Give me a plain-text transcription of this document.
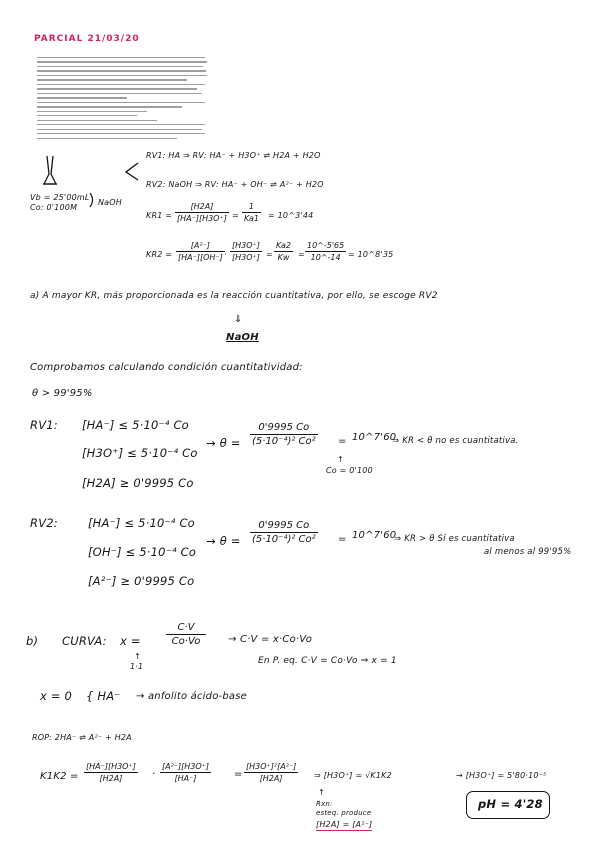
PARCIAL 21/03/20
Vb = 25'00mL
Co: 0'100M
NaOH
RV1: HA ⇒ RV: HA⁻ + H3O⁺ ⇌ H2A + H2O
RV2: NaOH ⇒ RV: HA⁻ + OH⁻ ⇌ A²⁻ + H2O
KR1 =
[H2A]
[HA⁻][H3O⁺] =
1
Ka1 = 10^3'44
KR2 =
[A²⁻]
[HA⁻][OH⁻] ·
[H3O⁺]
[H3O⁺] =
Ka2
Kw	=
10^-5'65
10^-14 = 10^8'35
a) A mayor KR, más proporcionada es la reacción cuantitativa, por ello, se escoge RV2
⇓
NaOH
Comprobamos calculando condición cuantitatividad:
θ > 99'95%
RV1: [HA⁻] ≤ 5·10⁻⁴ Co
[H3O⁺] ≤ 5·10⁻⁴ Co
[H2A] ≥ 0'9995 Co
→ θ =
0'9995 Co
(5·10⁻⁴)² Co² = 10^7'60
↑
Co = 0'100
⇒ KR < θ no es cuantitativa.
RV2:	[HA⁻] ≤ 5·10⁻⁴ Co
[OH⁻] ≤ 5·10⁻⁴ Co
[A²⁻] ≥ 0'9995 Co
→ θ =
0'9995 Co
(5·10⁻⁴)² Co² = 10^7'60
⇒ KR > θ Sí es cuantitativa
al menos al 99'95%
b) CURVA: x =
C·V
Co·Vo
↑
1·1
→ C·V = x·Co·Vo
En P. eq. C·V = Co·Vo ⇒ x = 1
x = 0 { HA⁻ → anfolito ácido-base
ROP: 2HA⁻ ⇌ A²⁻ + H2A
K1K2 =
[HA⁻][H3O⁺]
[H2A]	·
[A²⁻][H3O⁺]
[HA⁻]	=
[H3O⁺]²[A²⁻]
[H2A]	⇒ [H3O⁺] = √K1K2
↑
Rxn:
esteq. produce
[H2A] = [A²⁻]
→ [H3O⁺] = 5'80·10⁻⁵
pH = 4'28
